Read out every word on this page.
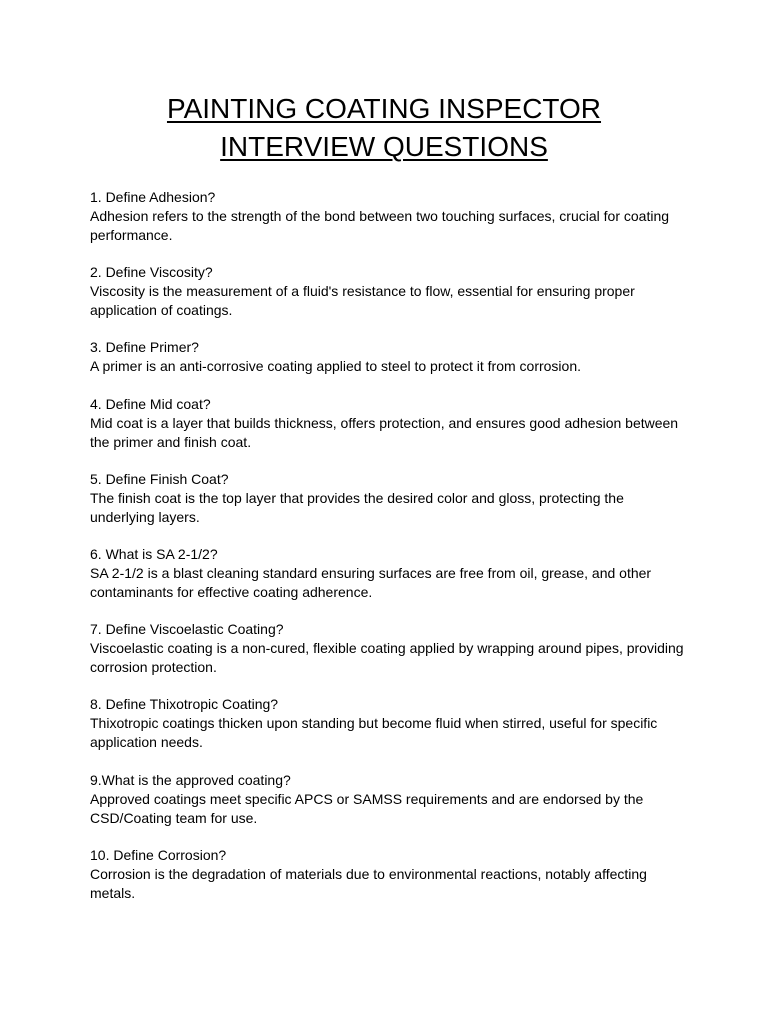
PAINTING COATING INSPECTOR
INTERVIEW QUESTIONS
1. Define Adhesion?
Adhesion refers to the strength of the bond between two touching surfaces, crucial for coating performance.
2. Define Viscosity?
Viscosity is the measurement of a fluid's resistance to flow, essential for ensuring proper application of coatings.
3. Define Primer?
A primer is an anti-corrosive coating applied to steel to protect it from corrosion.
4. Define Mid coat?
Mid coat is a layer that builds thickness, offers protection, and ensures good adhesion between the primer and finish coat.
5. Define Finish Coat?
The finish coat is the top layer that provides the desired color and gloss, protecting the underlying layers.
6. What is SA 2-1/2?
SA 2-1/2 is a blast cleaning standard ensuring surfaces are free from oil, grease, and other contaminants for effective coating adherence.
7. Define Viscoelastic Coating?
Viscoelastic coating is a non-cured, flexible coating applied by wrapping around pipes, providing corrosion protection.
8. Define Thixotropic Coating?
Thixotropic coatings thicken upon standing but become fluid when stirred, useful for specific application needs.
9.What is the approved coating?
Approved coatings meet specific APCS or SAMSS requirements and are endorsed by the CSD/Coating team for use.
10. Define Corrosion?
Corrosion is the degradation of materials due to environmental reactions, notably affecting metals.
